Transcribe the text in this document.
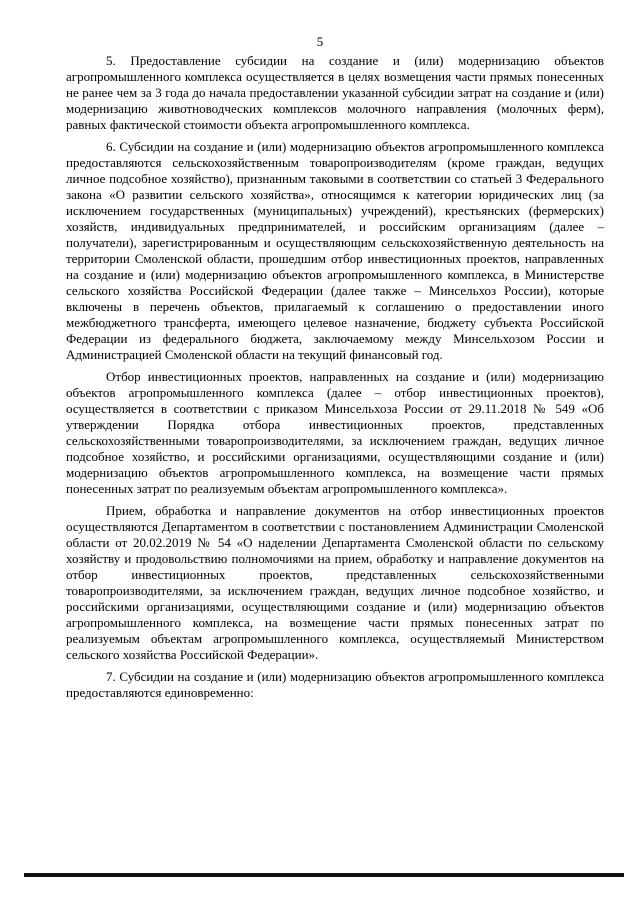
5

5. Предоставление субсидии на создание и (или) модернизацию объектов агропромышленного комплекса осуществляется в целях возмещения части прямых понесенных не ранее чем за 3 года до начала предоставлении указанной субсидии затрат на создание и (или) модернизацию животноводческих комплексов молочного направления (молочных ферм), равных фактической стоимости объекта агропромышленного комплекса.

6. Субсидии на создание и (или) модернизацию объектов агропромышленного комплекса предоставляются сельскохозяйственным товаропроизводителям (кроме граждан, ведущих личное подсобное хозяйство), признанным таковыми в соответствии со статьей 3 Федерального закона «О развитии сельского хозяйства», относящимся к категории юридических лиц (за исключением государственных (муниципальных) учреждений), крестьянских (фермерских) хозяйств, индивидуальных предпринимателей, и российским организациям (далее – получатели), зарегистрированным и осуществляющим сельскохозяйственную деятельность на территории Смоленской области, прошедшим отбор инвестиционных проектов, направленных на создание и (или) модернизацию объектов агропромышленного комплекса, в Министерстве сельского хозяйства Российской Федерации (далее также – Минсельхоз России), которые включены в перечень объектов, прилагаемый к соглашению о предоставлении иного межбюджетного трансферта, имеющего целевое назначение, бюджету субъекта Российской Федерации из федерального бюджета, заключаемому между Минсельхозом России и Администрацией Смоленской области на текущий финансовый год.

Отбор инвестиционных проектов, направленных на создание и (или) модернизацию объектов агропромышленного комплекса (далее – отбор инвестиционных проектов), осуществляется в соответствии с приказом Минсельхоза России от 29.11.2018 № 549 «Об утверждении Порядка отбора инвестиционных проектов, представленных сельскохозяйственными товаропроизводителями, за исключением граждан, ведущих личное подсобное хозяйство, и российскими организациями, осуществляющими создание и (или) модернизацию объектов агропромышленного комплекса, на возмещение части прямых понесенных затрат по реализуемым объектам агропромышленного комплекса».

Прием, обработка и направление документов на отбор инвестиционных проектов осуществляются Департаментом в соответствии с постановлением Администрации Смоленской области от 20.02.2019 № 54 «О наделении Департамента Смоленской области по сельскому хозяйству и продовольствию полномочиями на прием, обработку и направление документов на отбор инвестиционных проектов, представленных сельскохозяйственными товаропроизводителями, за исключением граждан, ведущих личное подсобное хозяйство, и российскими организациями, осуществляющими создание и (или) модернизацию объектов агропромышленного комплекса, на возмещение части прямых понесенных затрат по реализуемым объектам агропромышленного комплекса, осуществляемый Министерством сельского хозяйства Российской Федерации».

7. Субсидии на создание и (или) модернизацию объектов агропромышленного комплекса предоставляются единовременно:
